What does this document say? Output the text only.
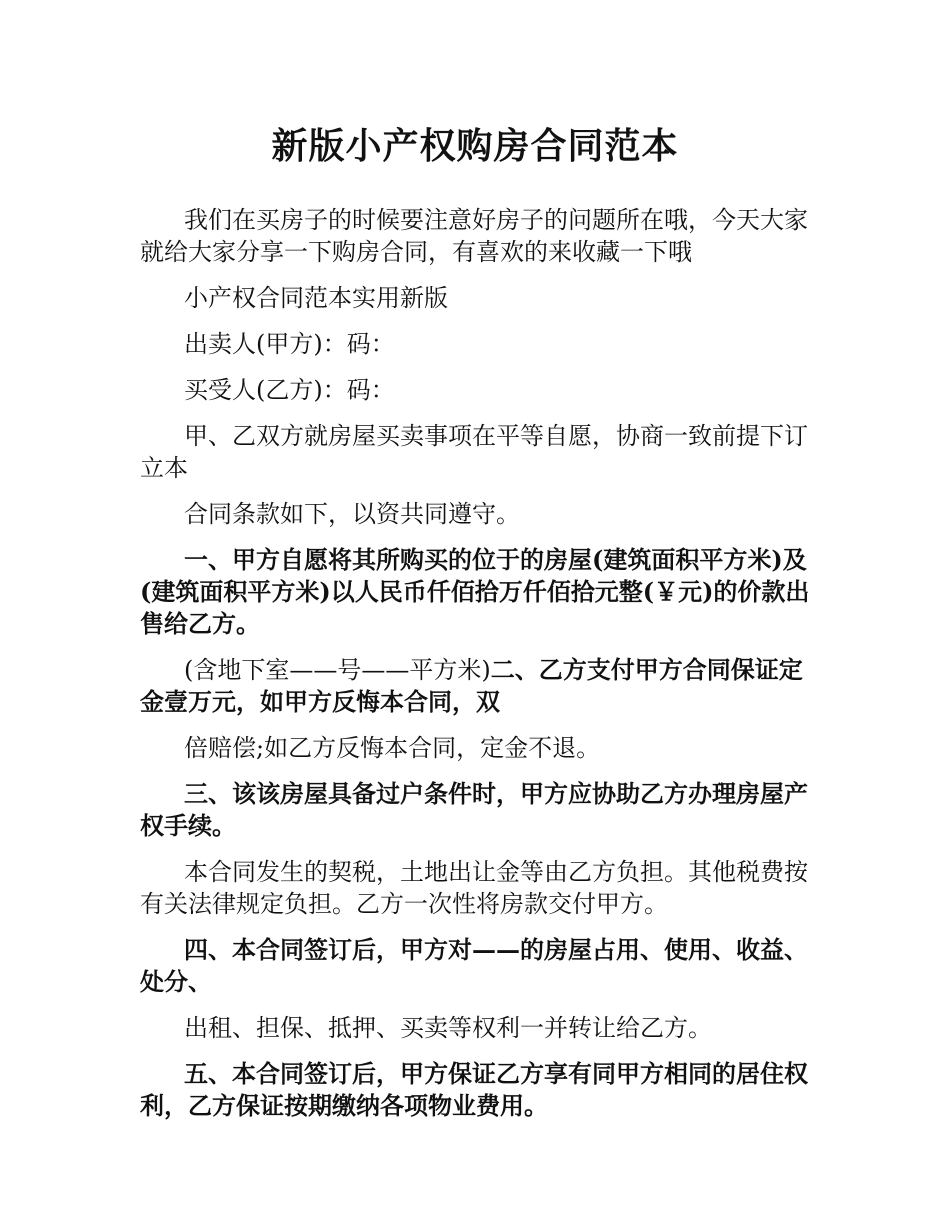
新版小产权购房合同范本

我们在买房子的时候要注意好房子的问题所在哦，今天大家就给大家分享一下购房合同，有喜欢的来收藏一下哦

小产权合同范本实用新版

出卖人(甲方)：码：

买受人(乙方)：码：

甲、乙双方就房屋买卖事项在平等自愿，协商一致前提下订立本

合同条款如下，以资共同遵守。

一、甲方自愿将其所购买的位于的房屋(建筑面积平方米)及(建筑面积平方米)以人民币仟佰拾万仟佰拾元整(￥元)的价款出售给乙方。

(含地下室——号——平方米)二、乙方支付甲方合同保证定金壹万元，如甲方反悔本合同，双

倍赔偿;如乙方反悔本合同，定金不退。

三、该该房屋具备过户条件时，甲方应协助乙方办理房屋产权手续。

本合同发生的契税，土地出让金等由乙方负担。其他税费按有关法律规定负担。乙方一次性将房款交付甲方。

四、本合同签订后，甲方对——的房屋占用、使用、收益、处分、

出租、担保、抵押、买卖等权利一并转让给乙方。

五、本合同签订后，甲方保证乙方享有同甲方相同的居住权利，乙方保证按期缴纳各项物业费用。
